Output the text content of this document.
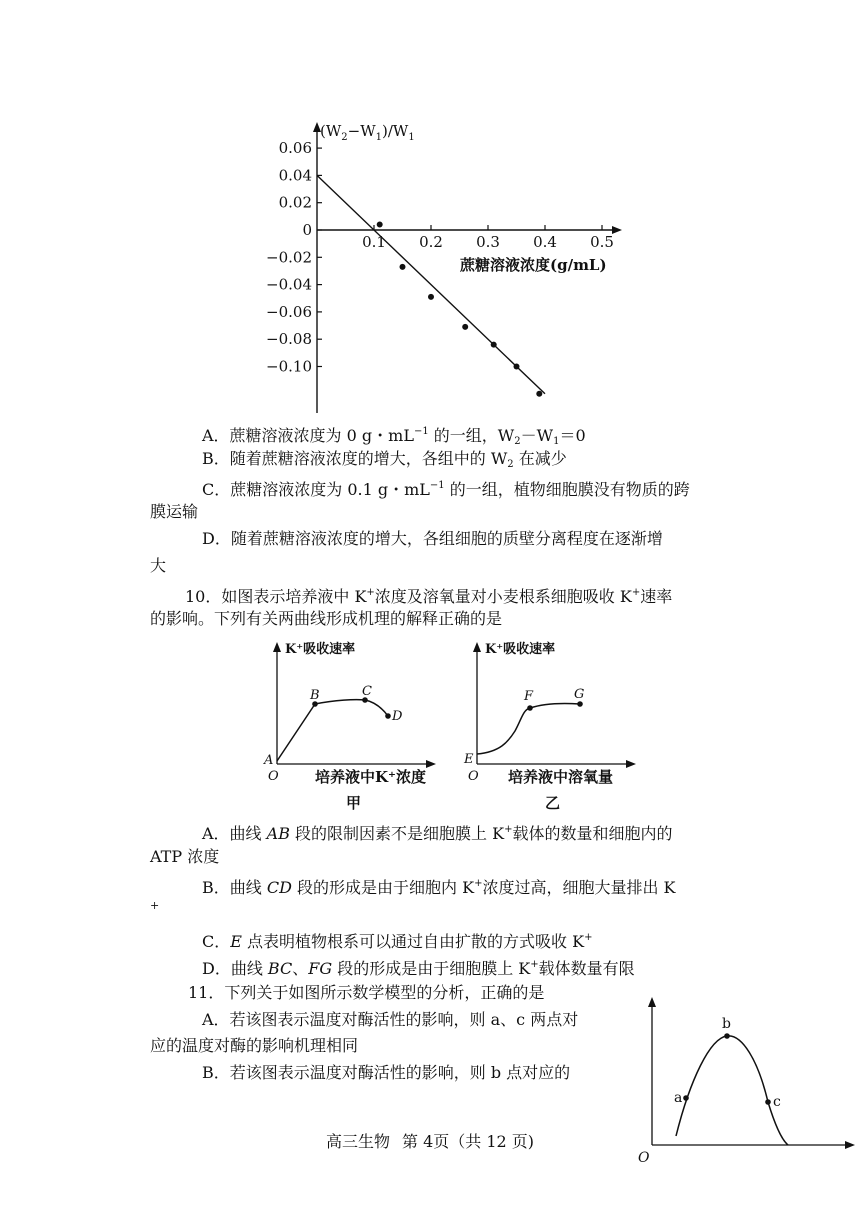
$(W_2-W_1)/W_1$
蔗糖溶液浓度(g/mL)
0.06
0.04
0.02
0
−0.02
−0.04
−0.06
−0.08
−0.10
0.1 0.2 0.3 0.4 0.5
A．蔗糖溶液浓度为 0 g・$mL^{-1}$ 的一组，$W_2-W_1=0$
B．随着蔗糖溶液浓度的增大，各组中的 $W_2$ 在减少
C．蔗糖溶液浓度为 0.1 g・$mL^{-1}$ 的一组，植物细胞膜没有物质的跨
膜运输
D．随着蔗糖溶液浓度的增大，各组细胞的质壁分离程度在逐渐增
大
10．如图表示培养液中 K+浓度及溶氧量对小麦根系细胞吸收 K+速率
的影响。下列有关两曲线形成机理的解释正确的是
K⁺吸收速率
A
B	C
D
O 培养液中K⁺浓度
甲
K⁺吸收速率
E
F	G
O 培养液中溶氧量
乙
A．曲线 AB 段的限制因素不是细胞膜上 K+载体的数量和细胞内的
ATP 浓度
B．曲线 CD 段的形成是由于细胞内 K+浓度过高，细胞大量排出 K
+
C．E 点表明植物根系可以通过自由扩散的方式吸收 K+
D．曲线 BC、FG 段的形成是由于细胞膜上 K+载体数量有限
11．下列关于如图所示数学模型的分析，正确的是
A．若该图表示温度对酶活性的影响，则 a、c 两点对
应的温度对酶的影响机理相同
B．若该图表示温度对酶活性的影响，则 b 点对应的
a
b
c
O
高三生物 第 4页（共 12 页)
